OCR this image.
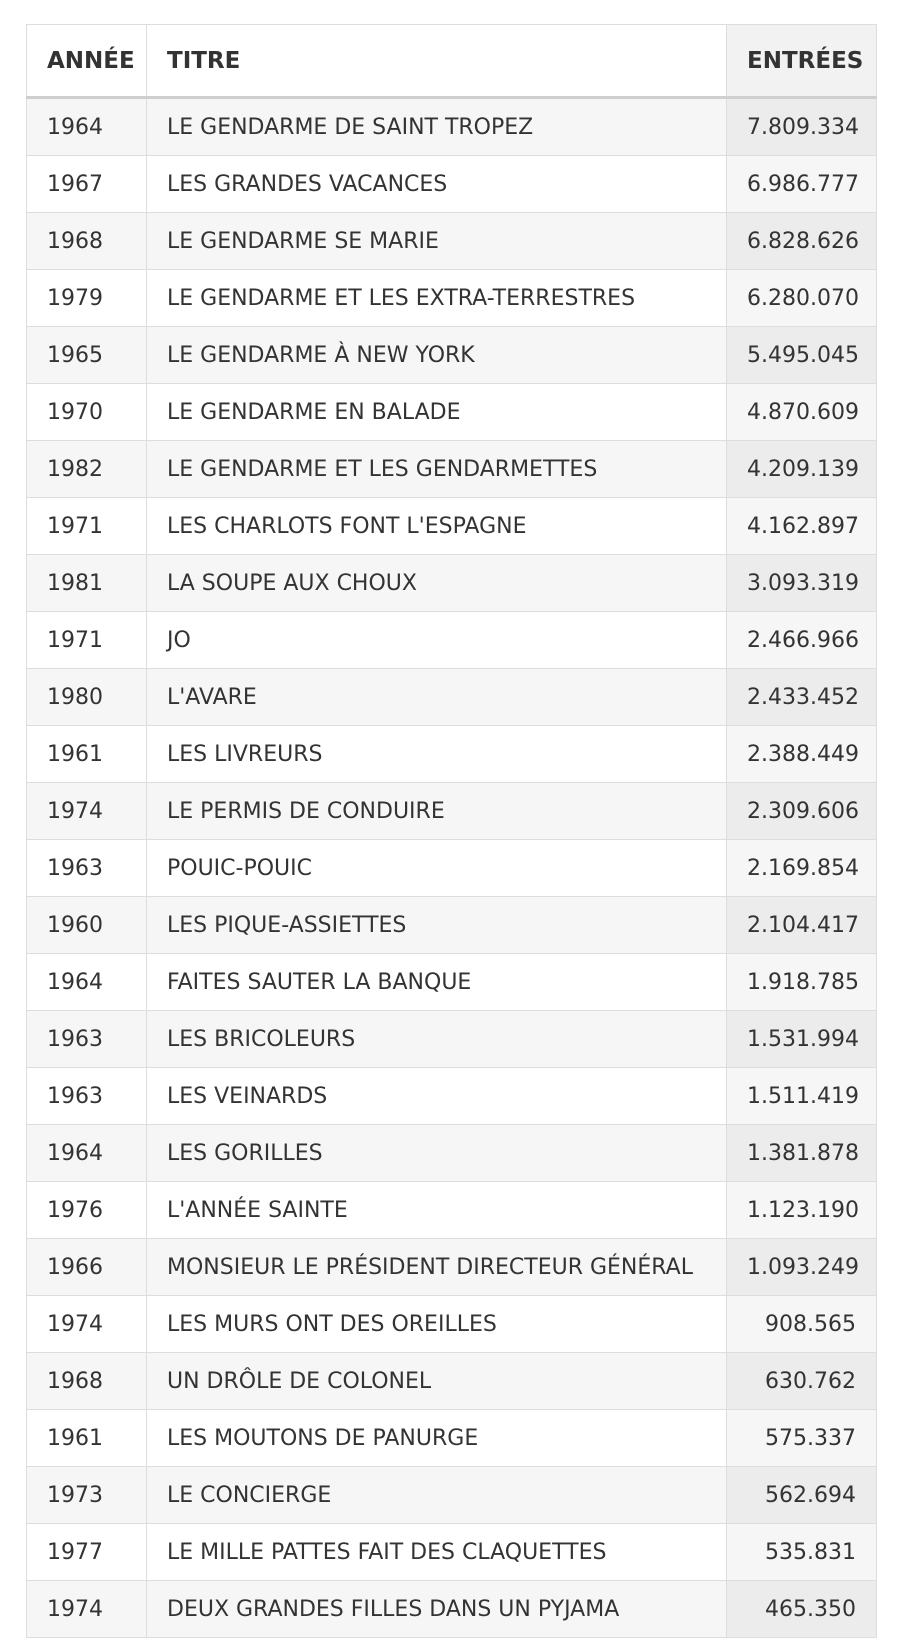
ANNÉE	TITRE	ENTRÉES
1964	LE GENDARME DE SAINT TROPEZ	7.809.334
1967	LES GRANDES VACANCES	6.986.777
1968	LE GENDARME SE MARIE	6.828.626
1979	LE GENDARME ET LES EXTRA-TERRESTRES	6.280.070
1965	LE GENDARME À NEW YORK	5.495.045
1970	LE GENDARME EN BALADE	4.870.609
1982	LE GENDARME ET LES GENDARMETTES	4.209.139
1971	LES CHARLOTS FONT L'ESPAGNE	4.162.897
1981	LA SOUPE AUX CHOUX	3.093.319
1971	JO	2.466.966
1980	L'AVARE	2.433.452
1961	LES LIVREURS	2.388.449
1974	LE PERMIS DE CONDUIRE	2.309.606
1963	POUIC-POUIC	2.169.854
1960	LES PIQUE-ASSIETTES	2.104.417
1964	FAITES SAUTER LA BANQUE	1.918.785
1963	LES BRICOLEURS	1.531.994
1963	LES VEINARDS	1.511.419
1964	LES GORILLES	1.381.878
1976	L'ANNÉE SAINTE	1.123.190
1966	MONSIEUR LE PRÉSIDENT DIRECTEUR GÉNÉRAL	1.093.249
1974	LES MURS ONT DES OREILLES	908.565
1968	UN DRÔLE DE COLONEL	630.762
1961	LES MOUTONS DE PANURGE	575.337
1973	LE CONCIERGE	562.694
1977	LE MILLE PATTES FAIT DES CLAQUETTES	535.831
1974	DEUX GRANDES FILLES DANS UN PYJAMA	465.350
